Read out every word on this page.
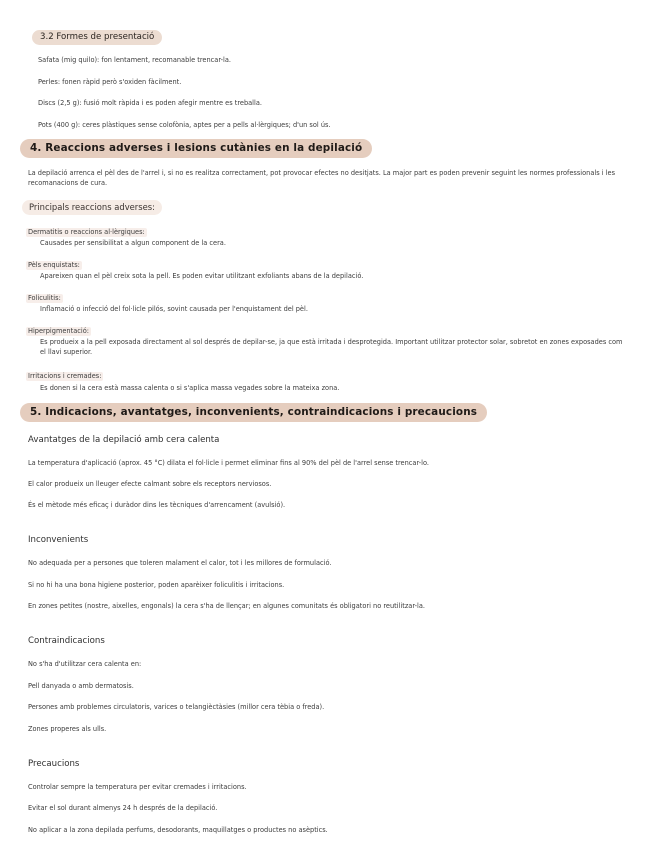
3.2 Formes de presentació
Safata (mig quilo): fon lentament, recomanable trencar-la.
Perles: fonen ràpid però s'oxiden fàcilment.
Discs (2,5 g): fusió molt ràpida i es poden afegir mentre es treballa.
Pots (400 g): ceres plàstiques sense colofònia, aptes per a pells al·lèrgiques; d'un sol ús.
4. Reaccions adverses i lesions cutànies en la depilació
La depilació arrenca el pèl des de l'arrel i, si no es realitza correctament, pot provocar efectes no desitjats. La major part es poden prevenir seguint les normes professionals i les recomanacions de cura.
Principals reaccions adverses:
Dermatitis o reaccions al·lèrgiques:
Causades per sensibilitat a algun component de la cera.
Pèls enquistats:
Apareixen quan el pèl creix sota la pell. Es poden evitar utilitzant exfoliants abans de la depilació.
Foliculitis:
Inflamació o infecció del fol·licle pilós, sovint causada per l'enquistament del pèl.
Hiperpigmentació:
Es produeix a la pell exposada directament al sol després de depilar-se, ja que està irritada i desprotegida. Important utilitzar protector solar, sobretot en zones exposades com el llavi superior.
Irritacions i cremades:
Es donen si la cera està massa calenta o si s'aplica massa vegades sobre la mateixa zona.
5. Indicacions, avantatges, inconvenients, contraindicacions i precaucions
Avantatges de la depilació amb cera calenta
La temperatura d'aplicació (aprox. 45 °C) dilata el fol·licle i permet eliminar fins al 90% del pèl de l'arrel sense trencar-lo.
El calor produeix un lleuger efecte calmant sobre els receptors nerviosos.
És el mètode més eficaç i duràdor dins les tècniques d'arrencament (avulsió).
Inconvenients
No adequada per a persones que toleren malament el calor, tot i les millores de formulació.
Si no hi ha una bona higiene posterior, poden aparèixer foliculitis i irritacions.
En zones petites (nostre, aixelles, engonals) la cera s'ha de llençar; en algunes comunitats és obligatori no reutilitzar-la.
Contraindicacions
No s'ha d'utilitzar cera calenta en:
Pell danyada o amb dermatosis.
Persones amb problemes circulatoris, varices o telangièctàsies (millor cera tèbia o freda).
Zones properes als ulls.
Precaucions
Controlar sempre la temperatura per evitar cremades i irritacions.
Evitar el sol durant almenys 24 h després de la depilació.
No aplicar a la zona depilada perfums, desodorants, maquillatges o productes no asèptics.
